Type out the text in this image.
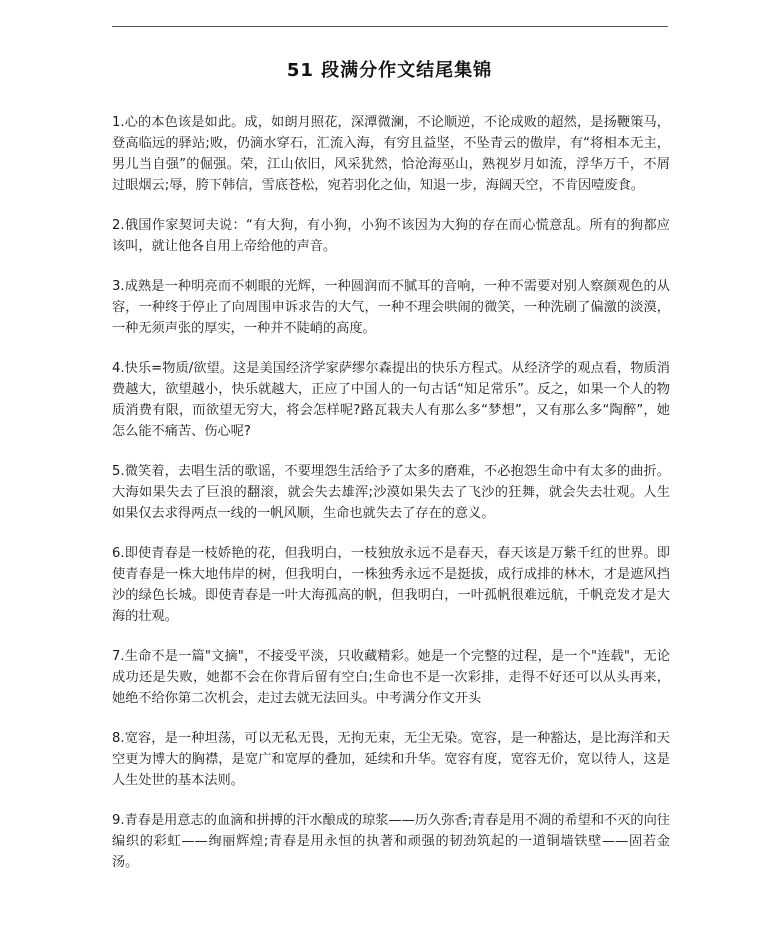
51 段满分作文结尾集锦

1.心的本色该是如此。成，如朗月照花，深潭微澜，不论顺逆，不论成败的超然，是扬鞭策马，登高临远的驿站;败，仍滴水穿石，汇流入海，有穷且益坚，不坠青云的傲岸，有“将相本无主，男儿当自强”的倔强。荣，江山依旧，风采犹然，恰沧海巫山，熟视岁月如流，浮华万千，不屑过眼烟云;辱，胯下韩信，雪底苍松，宛若羽化之仙，知退一步，海阔天空，不肯因噎废食。

2.俄国作家契诃夫说：“有大狗，有小狗，小狗不该因为大狗的存在而心慌意乱。所有的狗都应该叫，就让他各自用上帝给他的声音。

3.成熟是一种明亮而不刺眼的光辉，一种圆润而不腻耳的音响，一种不需要对别人察颜观色的从容，一种终于停止了向周围申诉求告的大气，一种不理会哄闹的微笑，一种洗刷了偏激的淡漠，一种无须声张的厚实，一种并不陡峭的高度。

4.快乐=物质/欲望。这是美国经济学家萨缪尔森提出的快乐方程式。从经济学的观点看，物质消费越大，欲望越小，快乐就越大，正应了中国人的一句古话“知足常乐”。反之，如果一个人的物质消费有限，而欲望无穷大，将会怎样呢?路瓦栽夫人有那么多“梦想”，又有那么多“陶醉”，她怎么能不痛苦、伤心呢?

5.微笑着，去唱生活的歌谣，不要埋怨生活给予了太多的磨难，不必抱怨生命中有太多的曲折。大海如果失去了巨浪的翻滚，就会失去雄浑;沙漠如果失去了飞沙的狂舞，就会失去壮观。人生如果仅去求得两点一线的一帆风顺，生命也就失去了存在的意义。

6.即使青春是一枝娇艳的花，但我明白，一枝独放永远不是春天，春天该是万紫千红的世界。即使青春是一株大地伟岸的树，但我明白，一株独秀永远不是挺拔，成行成排的林木，才是遮风挡沙的绿色长城。即使青春是一叶大海孤高的帆，但我明白，一叶孤帆很难远航，千帆竞发才是大海的壮观。

7.生命不是一篇"文摘"，不接受平淡，只收藏精彩。她是一个完整的过程，是一个"连载"，无论成功还是失败，她都不会在你背后留有空白;生命也不是一次彩排，走得不好还可以从头再来，她绝不给你第二次机会，走过去就无法回头。中考满分作文开头

8.宽容，是一种坦荡，可以无私无畏，无拘无束，无尘无染。宽容，是一种豁达，是比海洋和天空更为博大的胸襟，是宽广和宽厚的叠加，延续和升华。宽容有度，宽容无价，宽以待人，这是人生处世的基本法则。

9.青春是用意志的血滴和拼搏的汗水酿成的琼浆——历久弥香;青春是用不凋的希望和不灭的向往编织的彩虹——绚丽辉煌;青春是用永恒的执著和顽强的韧劲筑起的一道铜墙铁壁——固若金汤。
